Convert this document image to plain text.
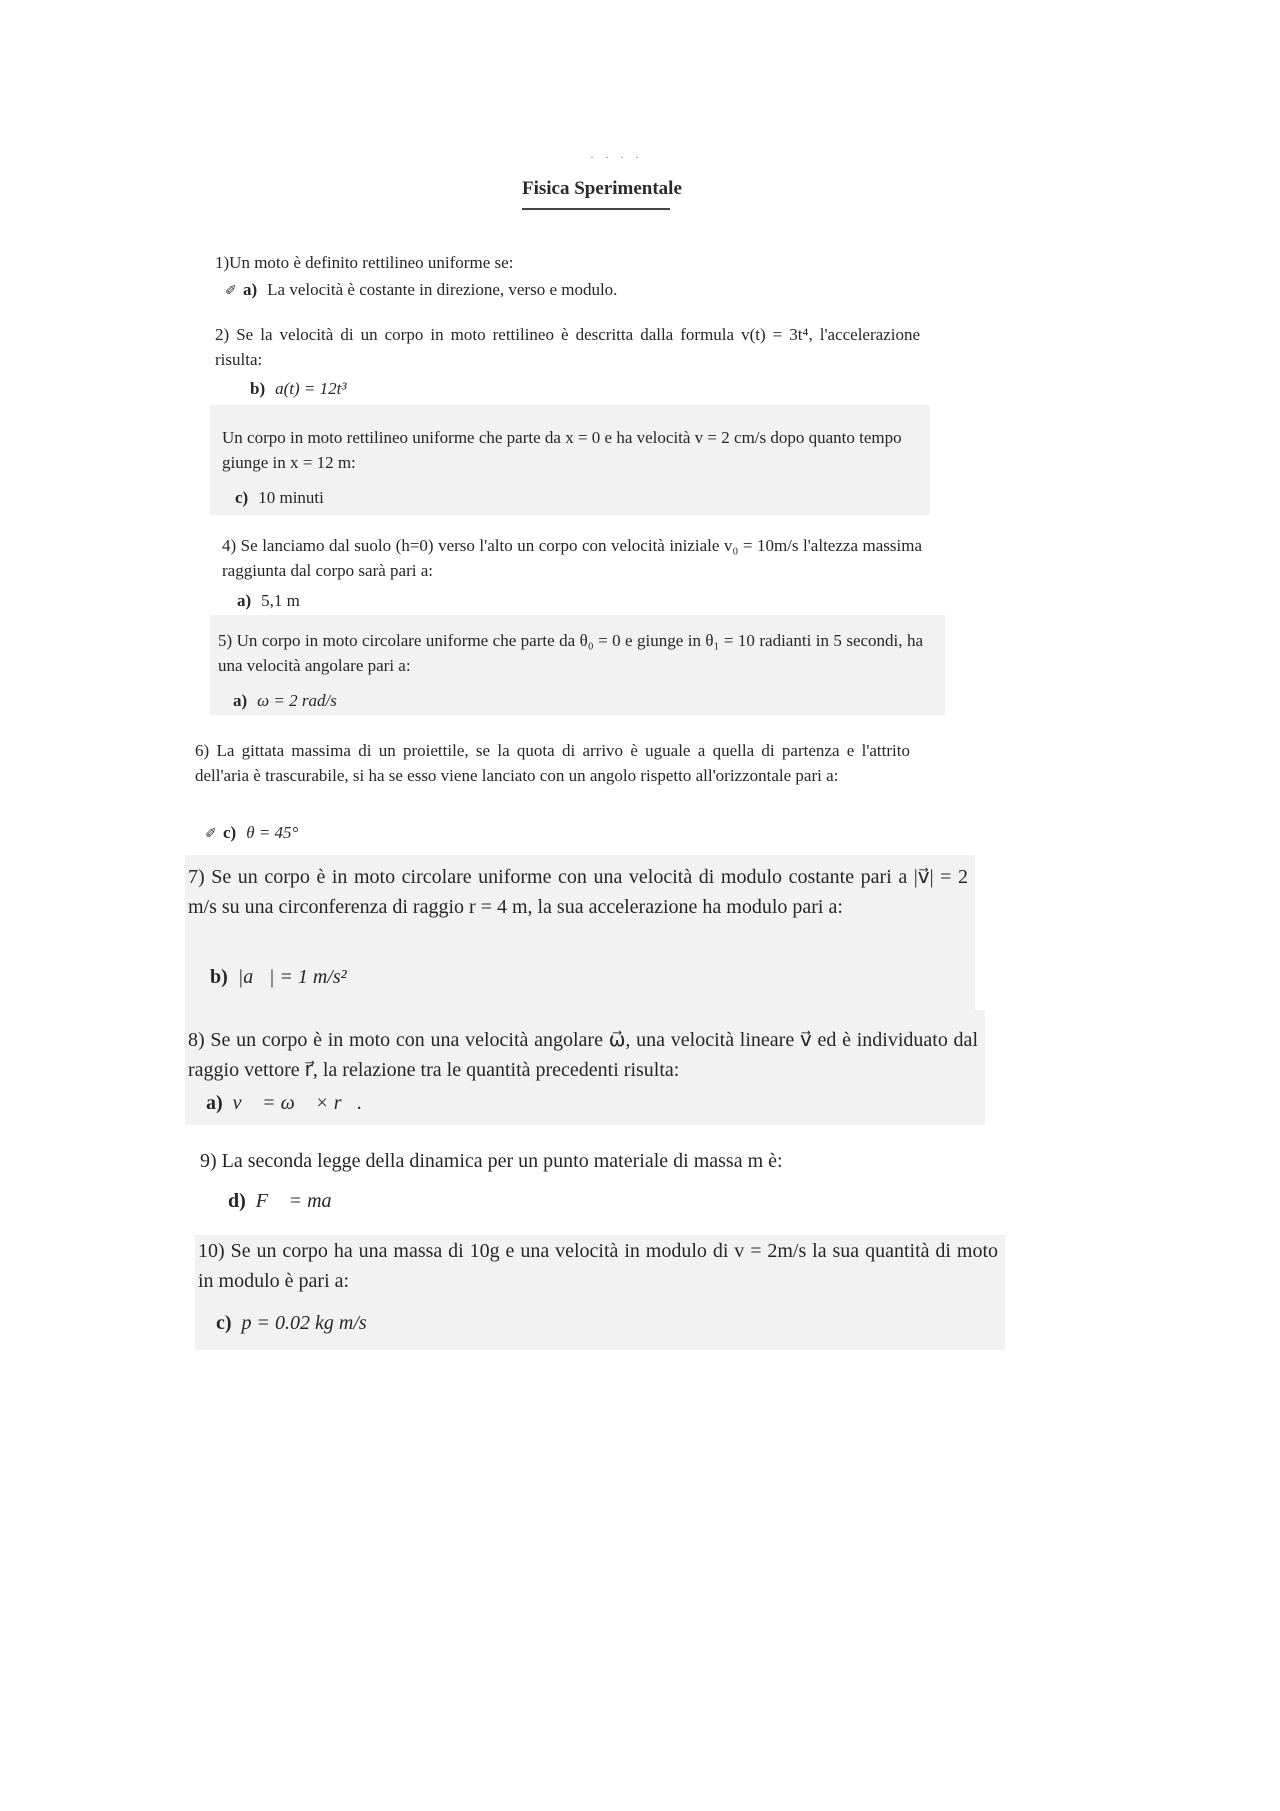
· · · ·
Fisica Sperimentale
1)Un moto è definito rettilineo uniforme se:
✐ a) La velocità è costante in direzione, verso e modulo.
2) Se la velocità di un corpo in moto rettilineo è descritta dalla formula v(t) = 3t⁴, l'accelerazione risulta:
b) a(t) = 12t³
Un corpo in moto rettilineo uniforme che parte da x = 0 e ha velocità v = 2 cm/s dopo quanto tempo giunge in x = 12 m:
c) 10 minuti
4) Se lanciamo dal suolo (h=0) verso l'alto un corpo con velocità iniziale v₀ = 10m/s l'altezza massima raggiunta dal corpo sarà pari a:
a) 5,1 m
5) Un corpo in moto circolare uniforme che parte da θ₀ = 0 e giunge in θ₁ = 10 radianti in 5 secondi, ha una velocità angolare pari a:
a) ω = 2 rad/s
6) La gittata massima di un proiettile, se la quota di arrivo è uguale a quella di partenza e l'attrito dell'aria è trascurabile, si ha se esso viene lanciato con un angolo rispetto all'orizzontale pari a:
✐ c) θ = 45°
7) Se un corpo è in moto circolare uniforme con una velocità di modulo costante pari a |v⃗| = 2 m/s su una circonferenza di raggio r = 4 m, la sua accelerazione ha modulo pari a:
b) |a⃗| = 1 m/s²
8) Se un corpo è in moto con una velocità angolare ω⃗, una velocità lineare v⃗ ed è individuato dal raggio vettore r⃗, la relazione tra le quantità precedenti risulta:
a) v⃗ = ω⃗ × r⃗.
9) La seconda legge della dinamica per un punto materiale di massa m è:
d) F⃗ = ma⃗
10) Se un corpo ha una massa di 10g e una velocità in modulo di v = 2m/s la sua quantità di moto in modulo è pari a:
c) p = 0.02 kg m/s
